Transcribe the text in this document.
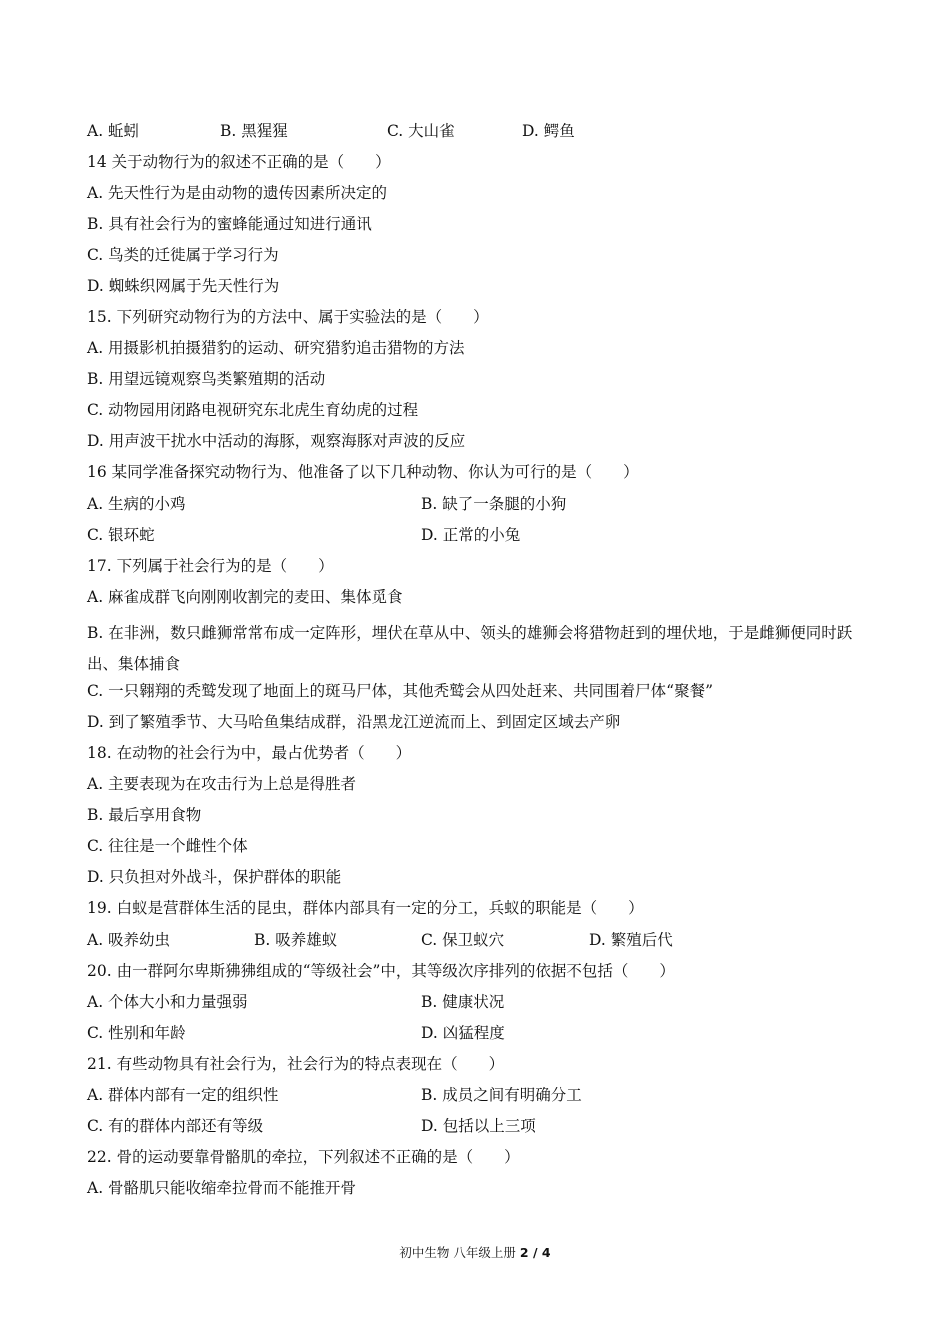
A. 蚯蚓	B. 黑猩猩	C. 大山雀	D. 鳄鱼
14 关于动物行为的叙述不正确的是（　　）
A. 先天性行为是由动物的遗传因素所决定的
B. 具有社会行为的蜜蜂能通过知进行通讯
C. 鸟类的迁徙属于学习行为
D. 蜘蛛织网属于先天性行为
15. 下列研究动物行为的方法中、属于实验法的是（　　）
A. 用摄影机拍摄猎豹的运动、研究猎豹追击猎物的方法
B. 用望远镜观察鸟类繁殖期的活动
C. 动物园用闭路电视研究东北虎生育幼虎的过程
D. 用声波干扰水中活动的海豚，观察海豚对声波的反应
16 某同学准备探究动物行为、他准备了以下几种动物、你认为可行的是（　　）
A. 生病的小鸡	B. 缺了一条腿的小狗
C. 银环蛇	D. 正常的小兔
17. 下列属于社会行为的是（　　）
A. 麻雀成群飞向刚刚收割完的麦田、集体觅食
B. 在非洲，数只雌狮常常布成一定阵形，埋伏在草从中、领头的雄狮会将猎物赶到的埋伏地，于是雌狮便同时跃出、集体捕食
C. 一只翱翔的秃鹫发现了地面上的斑马尸体，其他秃鹫会从四处赶来、共同围着尸体“聚餐”
D. 到了繁殖季节、大马哈鱼集结成群，沿黑龙江逆流而上、到固定区域去产卵
18. 在动物的社会行为中，最占优势者（　　）
A. 主要表现为在攻击行为上总是得胜者
B. 最后享用食物
C. 往往是一个雌性个体
D. 只负担对外战斗，保护群体的职能
19. 白蚁是营群体生活的昆虫，群体内部具有一定的分工，兵蚁的职能是（　　）
A. 吸养幼虫	B. 吸养雄蚁	C. 保卫蚁穴	D. 繁殖后代
20. 由一群阿尔卑斯狒狒组成的“等级社会”中，其等级次序排列的依据不包括（　　）
A. 个体大小和力量强弱	B. 健康状况
C. 性别和年龄	D. 凶猛程度
21. 有些动物具有社会行为，社会行为的特点表现在（　　）
A. 群体内部有一定的组织性	B. 成员之间有明确分工
C. 有的群体内部还有等级	D. 包括以上三项
22. 骨的运动要靠骨骼肌的牵拉，下列叙述不正确的是（　　）
A. 骨骼肌只能收缩牵拉骨而不能推开骨
初中生物 八年级上册 2 / 4
